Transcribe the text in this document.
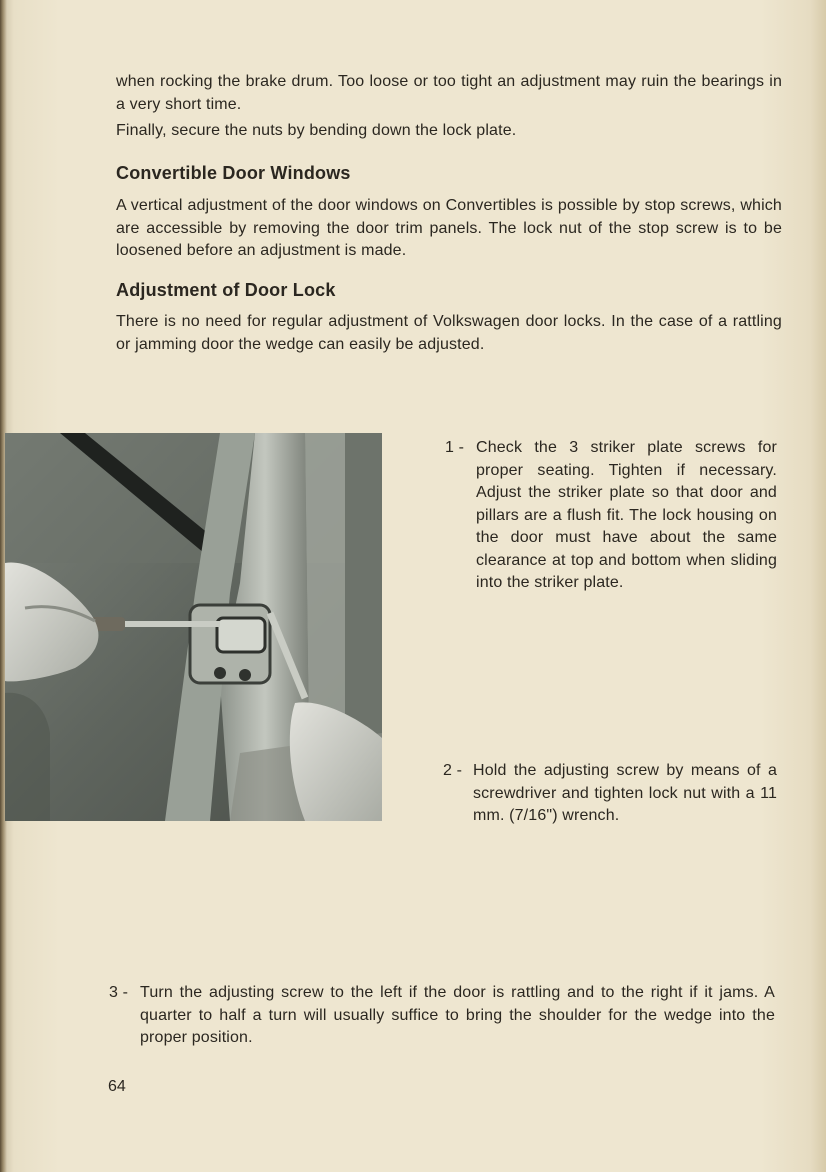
when rocking the brake drum. Too loose or too tight an adjustment may ruin the bearings in a very short time.
Finally, secure the nuts by bending down the lock plate.
Convertible Door Windows
A vertical adjustment of the door windows on Convertibles is possible by stop screws, which are accessible by removing the door trim panels. The lock nut of the stop screw is to be loosened before an adjustment is made.
Adjustment of Door Lock
There is no need for regular adjustment of Volkswagen door locks. In the case of a rattling or jamming door the wedge can easily be adjusted.
1 - Check the 3 striker plate screws for proper seating. Tighten if necessary. Adjust the striker plate so that door and pillars are a flush fit. The lock housing on the door must have about the same clearance at top and bottom when sliding into the striker plate.
2 - Hold the adjusting screw by means of a screwdriver and tighten lock nut with a 11 mm. (7/16") wrench.
3 - Turn the adjusting screw to the left if the door is rattling and to the right if it jams. A quarter to half a turn will usually suffice to bring the shoulder for the wedge into the proper position.
64
